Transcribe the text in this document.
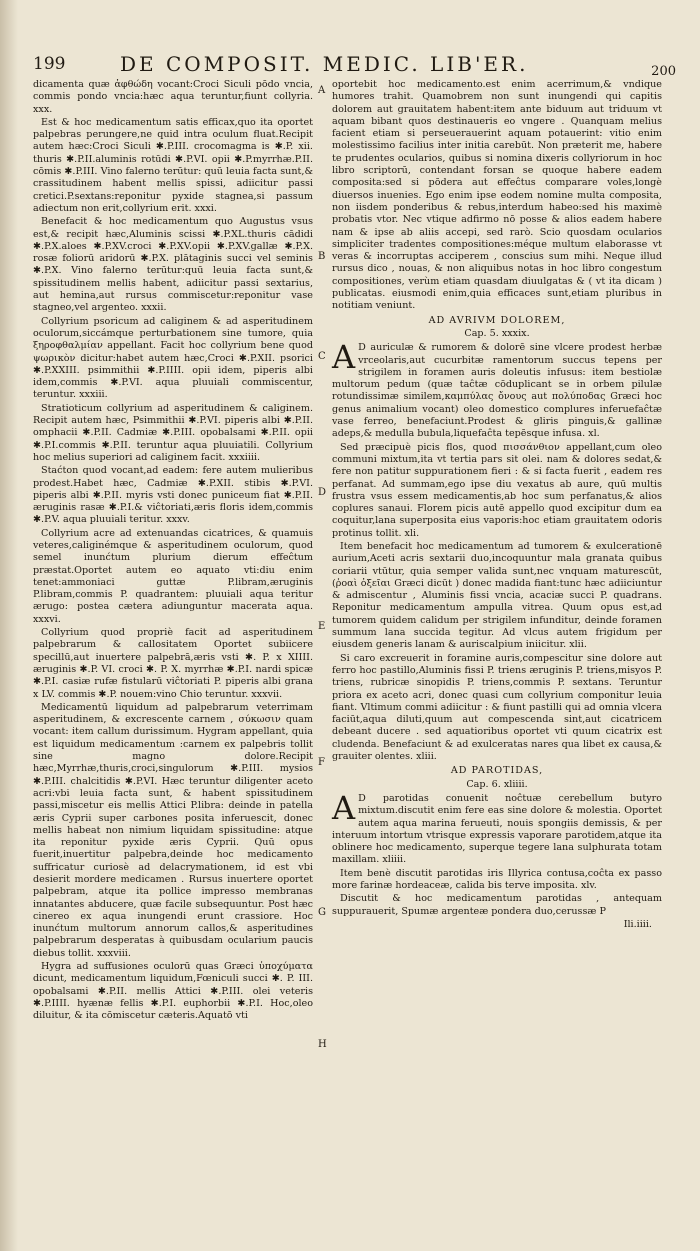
199	DE COMPOSIT. MEDIC. LIB'ER.	200

dicamenta quæ ἀφθώδη vocant:Croci Siculi pōdo vncia, commis pondo vncia:hæc aqua teruntur,fiunt collyria. xxx.

Est & hoc medicamentum satis efficax,quo ita oportet palpebras perungere,ne quid intra oculum fluat.Recipit autem hæc:Croci Siculi ✱.P.III. crocomagma is ✱.P. xii. thuris ✱.P.II.aluminis rotūdi ✱.P.VI. opii ✱.P.myrrhæ.P.II. cōmis ✱.P.III. Vino falerno terūtur: quū leuia facta sunt,& crassitudinem habent mellis spissi, adiicitur passi cretici.P.sextans:reponitur pyxide stagnea,si passum adiectum non erit,collyrium erit. xxxi.

Benefacit & hoc medicamentum quo Augustus vsus est,& recipit hæc,Aluminis scissi ✱.P.XL.thuris cādidi ✱.P.X.aloes ✱.P.XV.croci ✱.P.XV.opii ✱.P.XV.gallæ ✱.P.X. rosæ foliorū aridorū ✱.P.X. plātaginis succi vel seminis ✱.P.X. Vino falerno terūtur:quū leuia facta sunt,& spissitudinem mellis habent, adiicitur passi sextarius, aut hemina,aut rursus commiscetur:reponitur vase stagneo,vel argenteo. xxxii.

Collyrium psoricum ad caliginem & ad asperitudinem oculorum,siccámque perturbationem sine tumore, quia ξηροφθαλμίαν appellant. Facit hoc collyrium bene quod ψωρικὸν dicitur:habet autem hæc,Croci ✱.P.XII. psorici ✱.P.XXIII. psimmithii ✱.P.IIII. opii idem, piperis albi idem,commis ✱.P.VI. aqua pluuiali commiscentur, teruntur. xxxiii.

Stratioticum collyrium ad asperitudinem & caliginem. Recipit autem hæc, Psimmithii ✱.P.VI. piperis albi ✱.P.II. omphacii ✱.P.II. Cadmiæ ✱.P.III. opobalsami ✱.P.II. opii ✱.P.I.commis ✱.P.II. teruntur aqua pluuiatili. Collyrium hoc melius superiori ad caliginem facit. xxxiiii.

Staćton quod vocant,ad eadem: fere autem mulieribus prodest.Habet hæc, Cadmiæ ✱.P.XII. stibis ✱.P.VI. piperis albi ✱.P.II. myris vsti donec puniceum fiat ✱.P.II. æruginis rasæ ✱.P.I.& viĉtoriati,æris floris idem,commis ✱.P.V. aqua pluuiali teritur. xxxv.

Collyrium acre ad extenuandas cicatrices, & quamuis veteres,caliginémque & asperitudinem oculorum, quod semel inunćtum plurium dierum effeĉtum præstat.Oportet autem eo aquato vti:diu enim tenet:ammoniaci guttæ P.libram,æruginis P.libram,commis P. quadrantem: pluuiali aqua teritur ærugo: postea cætera adiunguntur macerata aqua. xxxvi.

Collyrium quod propriè facit ad asperitudinem palpebrarum & callositatem Oportet subiicere specillū,aut inuertere palpebrā,æris vsti ✱. P. x XIIII. æruginis ✱.P. VI. croci ✱. P. X. myrrhæ ✱.P.I. nardi spicæ ✱.P.I. casiæ rufæ fistularū viĉtoriati P. piperis albi grana x LV. commis ✱.P. nouem:vino Chio teruntur. xxxvii.

Medicamentū liquidum ad palpebrarum veterrimam asperitudinem, & excrescente carnem , σύκωσιν quam vocant: item callum durissimum. Hygram appellant, quia est liquidum medicamentum :carnem ex palpebris tollit sine magno dolore.Recipit hæc,Myrrhæ,thuris,croci,singulorum ✱.P.III. mysios ✱.P.III. chalcitidis ✱.P.VI. Hæc teruntur diligenter aceto acri:vbi leuia facta sunt, & habent spissitudinem passi,miscetur eis mellis Attici P.libra: deinde in patella æris Cyprii super carbones posita inferuescit, donec mellis habeat non nimium liquidam spissitudine: atque ita reponitur pyxide æris Cyprii. Quū opus fuerit,inuertitur palpebra,deinde hoc medicamento suffricatur curiosè ad delacrymationem, id est vbi desierit mordere medicamen . Rursus inuertere oportet palpebram, atque ita pollice impresso membranas innatantes abducere, quæ facile subsequuntur. Post hæc cinereo ex aqua inungendi erunt crassiore. Hoc inunćtum multorum annorum callos,& asperitudines palpebrarum desperatas à quibusdam ocularium paucis diebus tollit. xxxviii.

Hygra ad suffusiones oculorū quas Græci ὑποχύματα dicunt, medicamentum liquidum,Fœniculi succi ✱. P. III. opobalsami ✱.P.II. mellis Attici ✱.P.III. olei veteris ✱.P.IIII. hyænæ fellis ✱.P.I. euphorbii ✱.P.I. Hoc,oleo diluitur, & ita cōmiscetur cæteris.Aquatō vti

A
B
C
D
E
F
G
H

oportebit hoc medicamento.est enim acerrimum,& vndique humores trahit. Quamobrem non sunt inungendi qui capitis dolorem aut grauitatem habent:item ante biduum aut triduum vt aquam bibant quos destinaueris eo vngere . Quanquam melius facient etiam si perseuerauerint aquam potauerint: vitio enim molestissimo facilius inter initia carebūt. Non præterit me, habere te prudentes ocularios, quibus si nomina dixeris collyriorum in hoc libro scriptorū, contendant forsan se quoque habere eadem composita:sed si pōdera aut effeĉtus comparare voles,longè diuersos inuenies. Ego enim ipse eodem nomine multa composita, non iisdem ponderibus & rebus,interdum habeo:sed his maximè probatis vtor. Nec vtique adfirmo nō posse & alios eadem habere nam & ipse ab aliis accepi, sed rarò. Scio quosdam ocularios simpliciter tradentes compositiones:méque multum elaborasse vt veras & incorruptas acciperem , conscius sum mihi. Neque illud rursus dico , nouas, & non aliquibus notas in hoc libro congestum compositiones, verùm etiam quasdam diuulgatas & ( vt ita dicam ) publicatas. eiusmodi enim,quia efficaces sunt,etiam pluribus in notitiam veniunt.

AD AVRIVM DOLOREM,
Cap. 5. xxxix.

A D auriculæ & rumorem & dolorē sine vlcere prodest herbæ vrceolaris,aut cucurbitæ ramentorum succus tepens per strigilem in foramen auris doleutis infusus: item bestiolæ multorum pedum (quæ taĉtæ cōduplicant se in orbem pilulæ rotundissimæ similem,καμπύλας ὄνους aut πολύποδας Græci hoc genus animalium vocant) oleo domestico complures inferuefaĉtæ vase ferreo, benefaciunt.Prodest & gliris pinguis,& gallinæ adeps,& medulla bubula,liquefaĉta tepēsque infusa. xl.

Sed præcipuè picis flos, quod πισσάνθιον appellant,cum oleo communi mixtum,ita vt tertia pars sit olei. nam & dolores sedat,& fere non patitur suppurationem fieri : & si facta fuerit , eadem res perfanat. Ad summam,ego ipse diu vexatus ab aure, quū multis frustra vsus essem medicamentis,ab hoc sum perfanatus,& alios coplures sanaui. Florem picis autē appello quod excipitur dum ea coquitur,lana superposita eius vaporis:hoc etiam grauitatem odoris protinus tollit. xli.

Item benefacit hoc medicamentum ad tumorem & exulcerationē aurium,Aceti acris sextarii duo,incoquuntur mala granata quibus coriarii vtūtur, quia semper valida sunt,nec vnquam maturescūt, (ῥοαὶ ὀξεῖαι Græci dicūt ) donec madida fiant:tunc hæc adiiciuntur & admiscentur , Aluminis fissi vncia, acaciæ succi P. quadrans. Reponitur medicamentum ampulla vitrea. Quum opus est,ad tumorem quidem calidum per strigilem infunditur, deinde foramen summum lana succida tegitur. Ad vlcus autem frigidum per eiusdem generis lanam & auriscalpium iniicitur. xlii.

Si caro excreuerit in foramine auris,compescitur sine dolore aut ferro hoc pastillo,Aluminis fissi P. triens æruginis P. triens,misyos P. triens, rubricæ sinopidis P. triens,commis P. sextans. Teruntur priora ex aceto acri, donec quasi cum collyrium componitur leuia fiant. Vltimum commi adiicitur : & fiunt pastilli qui ad omnia vlcera faciūt,aqua diluti,quum aut compescenda sint,aut cicatricem debeant ducere . sed aquatioribus oportet vti quum cicatrix est cludenda. Benefaciunt & ad exulceratas nares qua libet ex causa,& grauiter olentes. xliii.

AD PAROTIDAS,
Cap. 6. xliiii.

A D parotidas conuenit noĉtuæ cerebellum butyro mixtum.discutit enim fere eas sine dolore & molestia. Oportet autem aqua marina ferueuti, nouis spongiis demissis, & per interuum intortum vtrisque expressis vaporare parotidem,atque ita oblinere hoc medicamento, superque tegere lana sulphurata totam maxillam. xliiii.

Item benè discutit parotidas iris Illyrica contusa,coĉta ex passo more farinæ hordeaceæ, calida bis terve imposita. xlv.

Discutit & hoc medicamentum parotidas , antequam suppurauerit, Spumæ argenteæ pondera duo,cerussæ P

Ili.iiii.
